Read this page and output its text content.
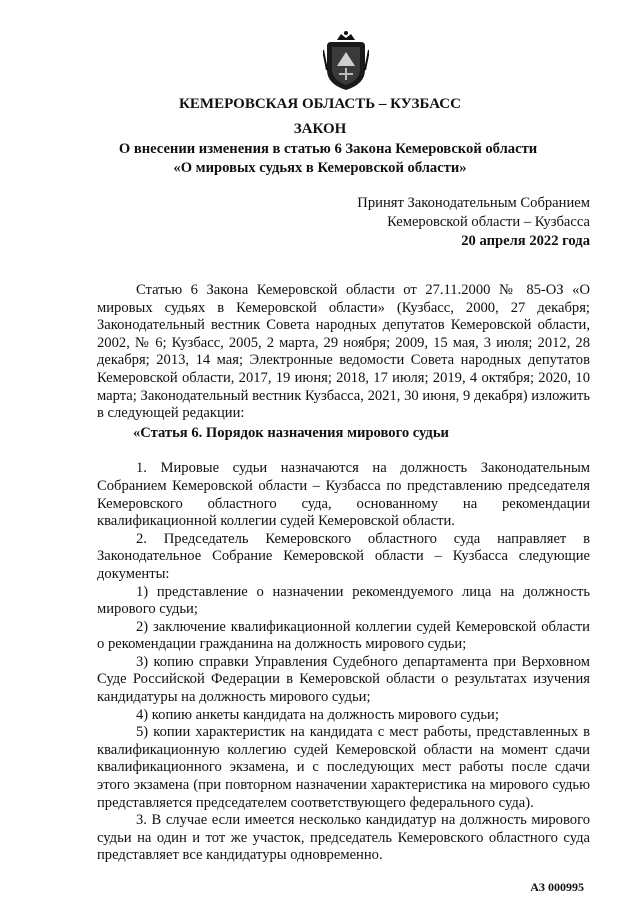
КЕМЕРОВСКАЯ ОБЛАСТЬ – КУЗБАСС
ЗАКОН
О внесении изменения в статью 6 Закона Кемеровской области
«О мировых судьях в Кемеровской области»
Принят Законодательным Собранием
Кемеровской области – Кузбасса
20 апреля 2022 года

Статью 6 Закона Кемеровской области от 27.11.2000 № 85-ОЗ «О мировых судьях в Кемеровской области» (Кузбасс, 2000, 27 декабря; Законодательный вестник Совета народных депутатов Кемеровской области, 2002, № 6; Кузбасс, 2005, 2 марта, 29 ноября; 2009, 15 мая, 3 июля; 2012, 28 декабря; 2013, 14 мая; Электронные ведомости Совета народных депутатов Кемеровской области, 2017, 19 июня; 2018, 17 июля; 2019, 4 октября; 2020, 10 марта; Законодательный вестник Кузбасса, 2021, 30 июня, 9 декабря) изложить в следующей редакции:

«Статья 6. Порядок назначения мирового судьи

1. Мировые судьи назначаются на должность Законодательным Собранием Кемеровской области – Кузбасса по представлению председателя Кемеровского областного суда, основанному на рекомендации квалификационной коллегии судей Кемеровской области.

2. Председатель Кемеровского областного суда направляет в Законодательное Собрание Кемеровской области – Кузбасса следующие документы:

1) представление о назначении рекомендуемого лица на должность мирового судьи;

2) заключение квалификационной коллегии судей Кемеровской области о рекомендации гражданина на должность мирового судьи;

3) копию справки Управления Судебного департамента при Верховном Суде Российской Федерации в Кемеровской области о результатах изучения кандидатуры на должность мирового судьи;

4) копию анкеты кандидата на должность мирового судьи;

5) копии характеристик на кандидата с мест работы, представленных в квалификационную коллегию судей Кемеровской области на момент сдачи квалификационного экзамена, и с последующих мест работы после сдачи этого экзамена (при повторном назначении характеристика на мирового судью представляется председателем соответствующего федерального суда).

3. В случае если имеется несколько кандидатур на должность мирового судьи на один и тот же участок, председатель Кемеровского областного суда представляет все кандидатуры одновременно.

АЗ 000995
